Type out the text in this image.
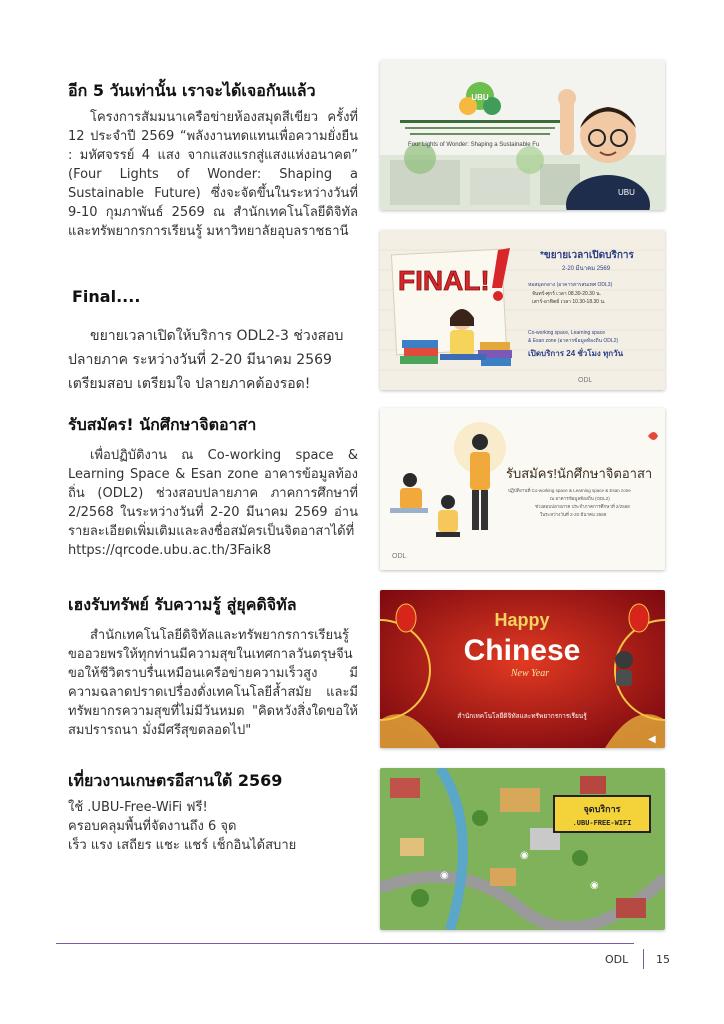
อีก 5 วันเท่านั้น เราจะได้เจอกันแล้ว

โครงการสัมมนาเครือข่ายห้องสมุดสีเขียว ครั้งที่ 12 ประจำปี 2569 “พลังงานทดแทนเพื่อความยั่งยืน : มหัศจรรย์ 4 แสง จากแสงแรกสู่แสงแห่งอนาคต” (Four Lights of Wonder: Shaping a Sustainable Future) ซึ่งจะจัดขึ้นในระหว่างวันที่ 9-10 กุมภาพันธ์ 2569 ณ สำนักเทคโนโลยีดิจิทัลและทรัพยากรการเรียนรู้ มหาวิทยาลัยอุบลราชธานี

UBU
Four Lights of Wonder: Shaping a Sustainable Fu
UBU
Final....

ขยายเวลาเปิดให้บริการ ODL2-3 ช่วงสอบปลายภาค ระหว่างวันที่ 2-20 มีนาคม 2569 เตรียมสอบ เตรียมใจ ปลายภาคต้องรอด!

FINAL!
*ขยายเวลาเปิดบริการ
2-20 มีนาคม 2569
หอสมุดกลาง (อาคารสารสนเทศ ODL3)
จันทร์-ศุกร์ เวลา 08.30-20.30 น.
เสาร์-อาทิตย์ เวลา 10.30-18.30 น.
Co-working space, Learning space
& Esan zone (อาคารข้อมูลท้องถิ่น ODL2)
เปิดบริการ 24 ชั่วโมง ทุกวัน
ODL
รับสมัคร! นักศึกษาจิตอาสา

เพื่อปฏิบัติงาน ณ Co-working space & Learning Space & Esan zone อาคารข้อมูลท้องถิ่น (ODL2) ช่วงสอบปลายภาค ภาคการศึกษาที่ 2/2568 ในระหว่างวันที่ 2-20 มีนาคม 2569 อ่านรายละเอียดเพิ่มเติมและลงชื่อสมัครเป็นจิตอาสาได้ที่ https://qrcode.ubu.ac.th/3Faik8

รับสมัคร!นักศึกษาจิตอาสา
ปฏิบัติงานที่ Co-working space & Learning space & Esan zone
ณ อาคารข้อมูลท้องถิ่น (ODL2)
ช่วงสอบปลายภาค ประจำภาคการศึกษาที่ 2/2568
ในระหว่างวันที่ 2-20 มีนาคม 2569
ODL
เฮงรับทรัพย์ รับความรู้ สู่ยุคดิจิทัล

สำนักเทคโนโลยีดิจิทัลและทรัพยากรการเรียนรู้ ขออวยพรให้ทุกท่านมีความสุขในเทศกาลวันตรุษจีน ขอให้ชีวิตราบรื่นเหมือนเครือข่ายความเร็วสูง มีความฉลาดปราดเปรื่องดั่งเทคโนโลยีล้ำสมัย และมีทรัพยากรความสุขที่ไม่มีวันหมด "คิดหวังสิ่งใดขอให้สมปรารถนา มั่งมีศรีสุขตลอดไป"

Happy
Chinese
New Year
สำนักเทคโนโลยีดิจิทัลและทรัพยากรการเรียนรู้
◀
เที่ยวงานเกษตรอีสานใต้ 2569
ใช้ .UBU-Free-WiFi ฟรี!
ครอบคลุมพื้นที่จัดงานถึง 6 จุด
เร็ว แรง เสถียร แชะ แชร์ เช็กอินได้สบาย
จุดบริการ
.UBU-FREE-WIFI
◉
◉
◉
ODL	15
